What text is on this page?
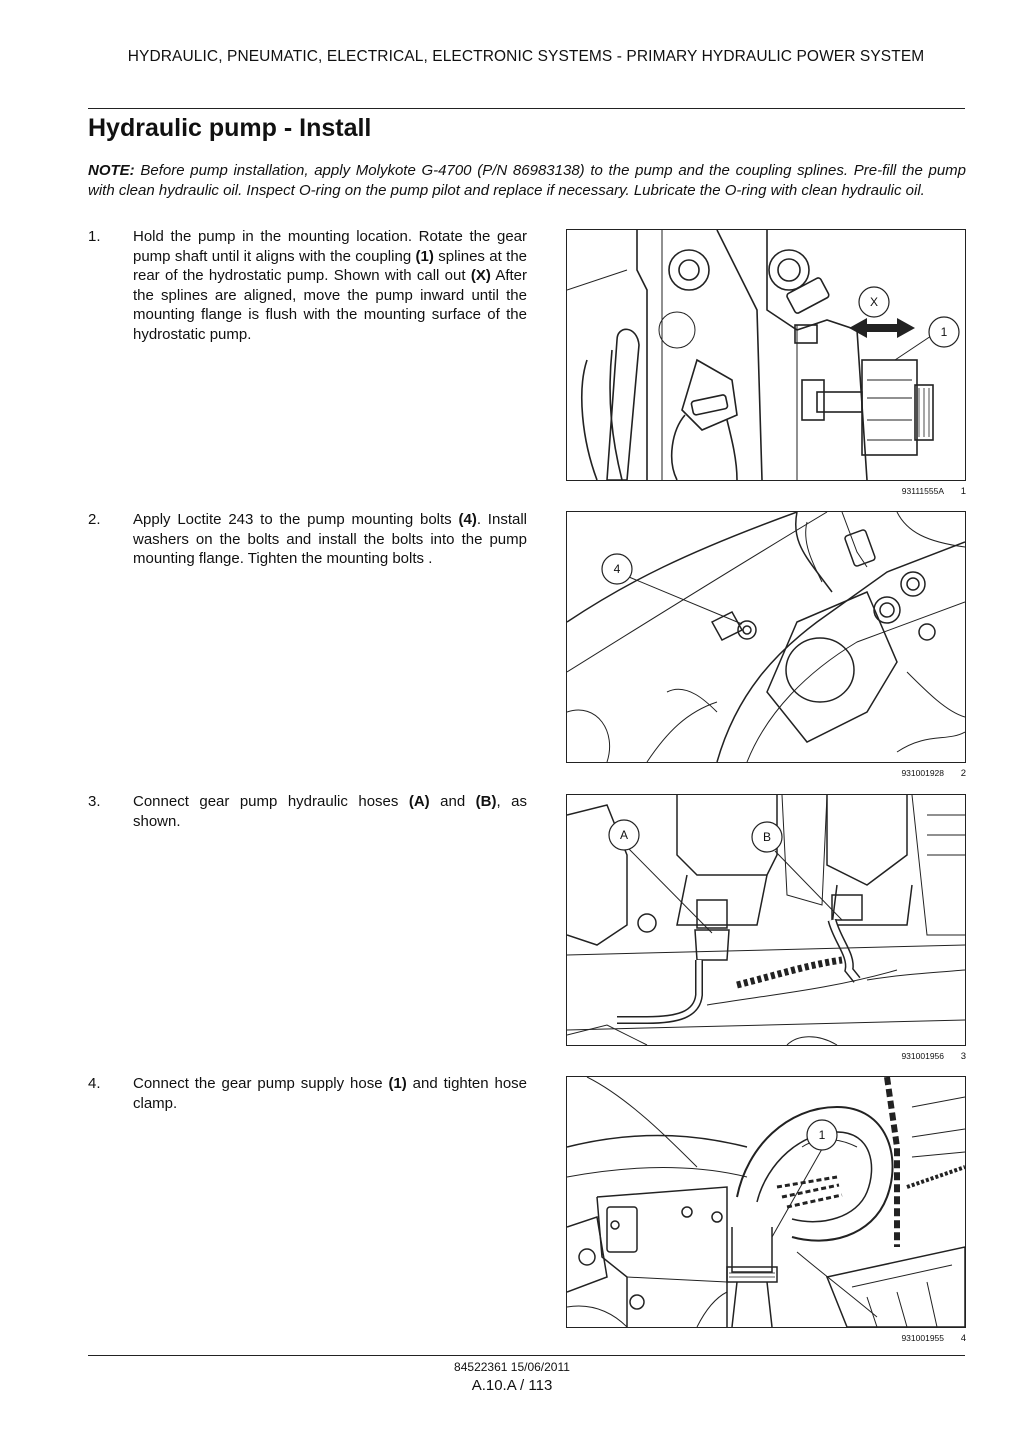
HYDRAULIC, PNEUMATIC, ELECTRICAL, ELECTRONIC SYSTEMS - PRIMARY HYDRAULIC POWER SYSTEM
Hydraulic pump - Install
NOTE: Before pump installation, apply Molykote G-4700 (P/N 86983138) to the pump and the coupling splines. Pre-fill the pump with clean hydraulic oil. Inspect O-ring on the pump pilot and replace if necessary. Lubricate the O-ring with clean hydraulic oil.
1. Hold the pump in the mounting location. Rotate the gear pump shaft until it aligns with the coupling (1) splines at the rear of the hydrostatic pump. Shown with call out (X) After the splines are aligned, move the pump inward until the mounting flange is flush with the mounting surface of the hydrostatic pump.
X
1
93111555A 1
2. Apply Loctite 243 to the pump mounting bolts (4). Install washers on the bolts and install the bolts into the pump mounting flange. Tighten the mounting bolts .
4
931001928 2
3. Connect gear pump hydraulic hoses (A) and (B), as shown.
A	B
931001956 3
4. Connect the gear pump supply hose (1) and tighten hose clamp.
1
931001955 4
84522361 15/06/2011
A.10.A / 113
